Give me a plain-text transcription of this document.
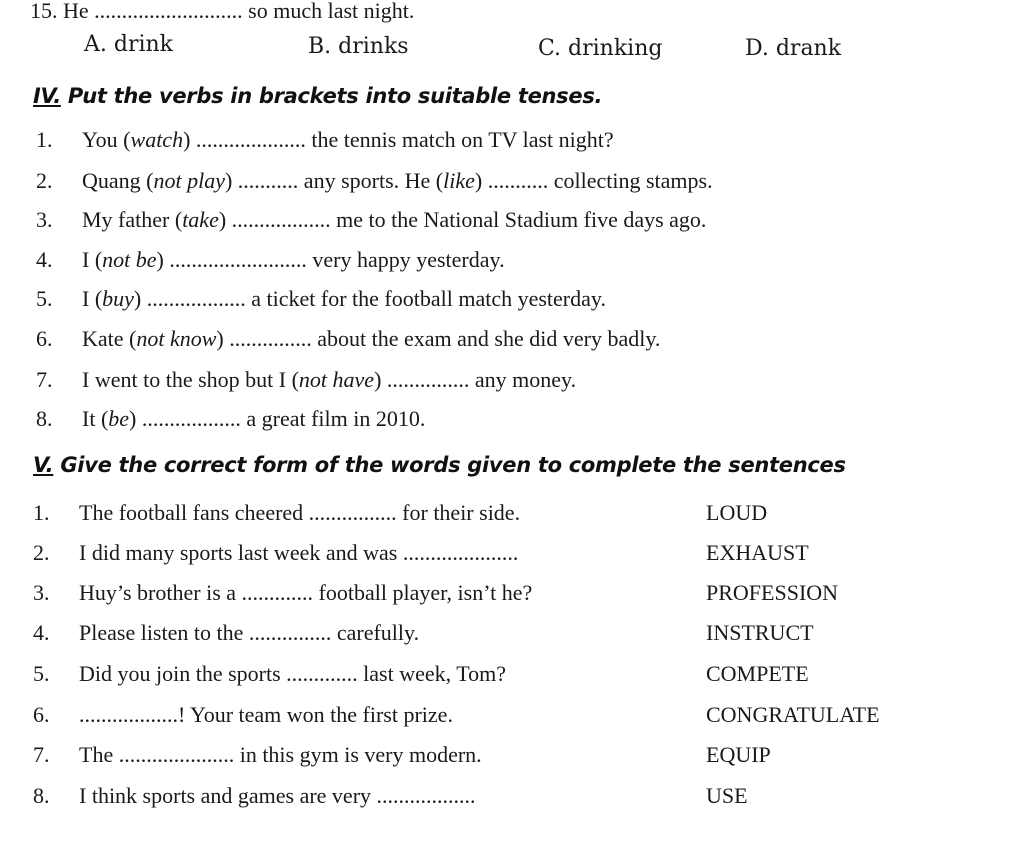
15. He ........................... so much last night.
A. drink	B. drinks	C. drinking	D. drank
IV. Put the verbs in brackets into suitable tenses.
1.	You (watch) .................... the tennis match on TV last night?
2.	Quang (not play) ........... any sports. He (like) ........... collecting stamps.
3.	My father (take) .................. me to the National Stadium five days ago.
4.	I (not be) ......................... very happy yesterday.
5.	I (buy) .................. a ticket for the football match yesterday.
6.	Kate (not know) ............... about the exam and she did very badly.
7.	I went to the shop but I (not have) ............... any money.
8.	It (be) .................. a great film in 2010.
V. Give the correct form of the words given to complete the sentences
1.	The football fans cheered ................ for their side.	LOUD
2.	I did many sports last week and was .....................	EXHAUST
3.	Huy’s brother is a ............. football player, isn’t he?	PROFESSION
4.	Please listen to the ............... carefully.	INSTRUCT
5.	Did you join the sports ............. last week, Tom?	COMPETE
6.	..................! Your team won the first prize.	CONGRATULATE
7.	The ..................... in this gym is very modern.	EQUIP
8.	I think sports and games are very ..................	USE
